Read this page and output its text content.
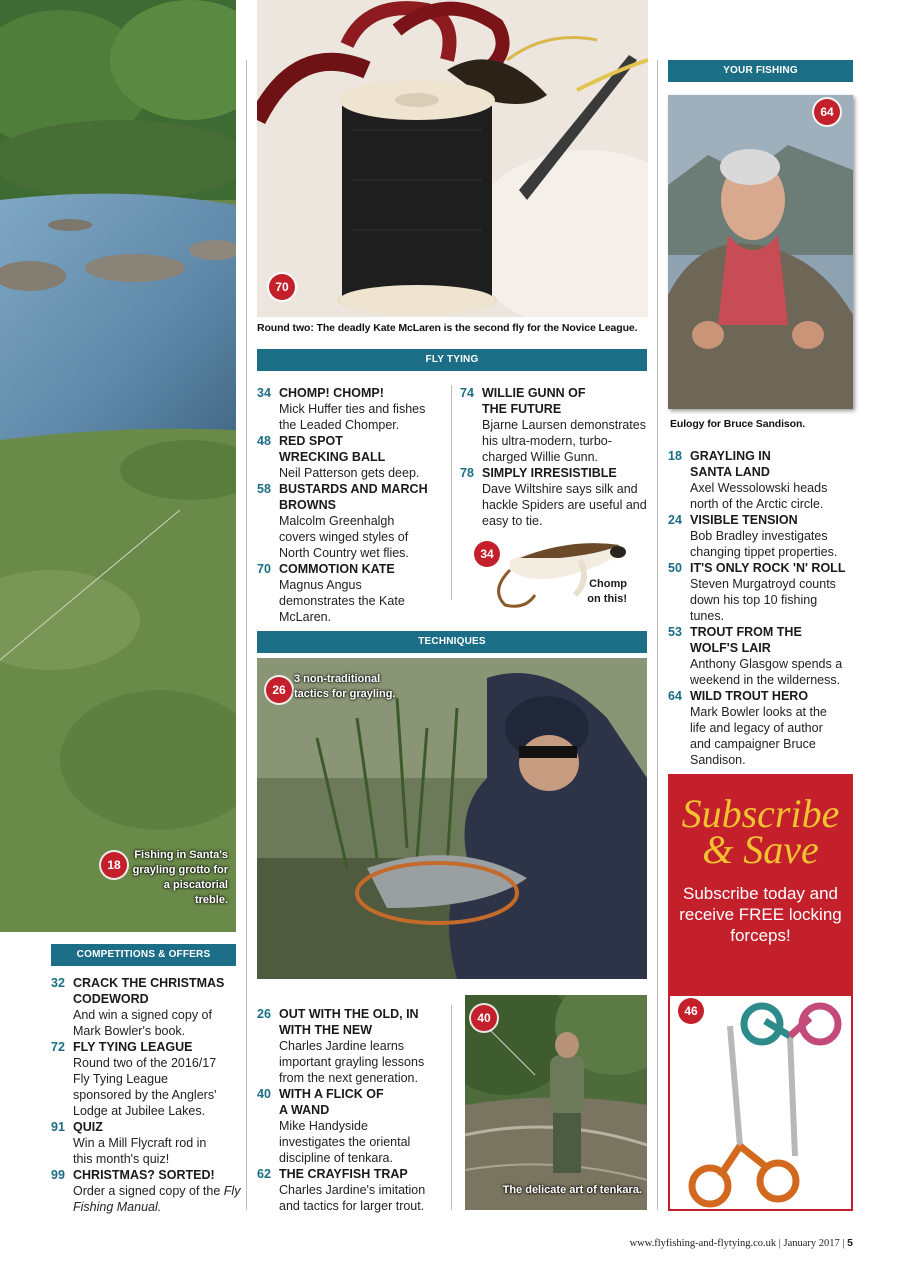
18
Fishing in Santa's grayling grotto for a piscatorial treble.
70
Round two: The deadly Kate McLaren is the second fly for the Novice League.
FLY TYING
34 CHOMP! CHOMP!
Mick Huffer ties and fishes the Leaded Chomper.
48 RED SPOT WRECKING BALL
Neil Patterson gets deep.
58 BUSTARDS AND MARCH BROWNS
Malcolm Greenhalgh covers winged styles of North Country wet flies.
70 COMMOTION KATE
Magnus Angus demonstrates the Kate McLaren.
74 WILLIE GUNN OF THE FUTURE
Bjarne Laursen demonstrates his ultra-modern, turbo-charged Willie Gunn.
78 SIMPLY IRRESISTIBLE
Dave Wiltshire says silk and hackle Spiders are useful and easy to tie.
34
Chomp
on this!
TECHNIQUES
26
3 non-traditional tactics for grayling.
26 OUT WITH THE OLD, IN WITH THE NEW
Charles Jardine learns important grayling lessons from the next generation.
40 WITH A FLICK OF A WAND
Mike Handyside investigates the oriental discipline of tenkara.
62 THE CRAYFISH TRAP
Charles Jardine's imitation and tactics for larger trout.
40
The delicate art of tenkara.
YOUR FISHING
64
Eulogy for Bruce Sandison.
18 GRAYLING IN SANTA LAND
Axel Wessolowski heads north of the Arctic circle.
24 VISIBLE TENSION
Bob Bradley investigates changing tippet properties.
50 IT'S ONLY ROCK 'N' ROLL
Steven Murgatroyd counts down his top 10 fishing tunes.
53 TROUT FROM THE WOLF'S LAIR
Anthony Glasgow spends a weekend in the wilderness.
64 WILD TROUT HERO
Mark Bowler looks at the life and legacy of author and campaigner Bruce Sandison.
Subscribe
& Save
Subscribe today and receive FREE locking forceps!
46
COMPETITIONS & OFFERS
32 CRACK THE CHRISTMAS CODEWORD
And win a signed copy of Mark Bowler's book.
72 FLY TYING LEAGUE
Round two of the 2016/17 Fly Tying League sponsored by the Anglers' Lodge at Jubilee Lakes.
91 QUIZ
Win a Mill Flycraft rod in this month's quiz!
99 CHRISTMAS? SORTED!
Order a signed copy of the Fly Fishing Manual.
www.flyfishing-and-flytying.co.uk | January 2017 | 5
